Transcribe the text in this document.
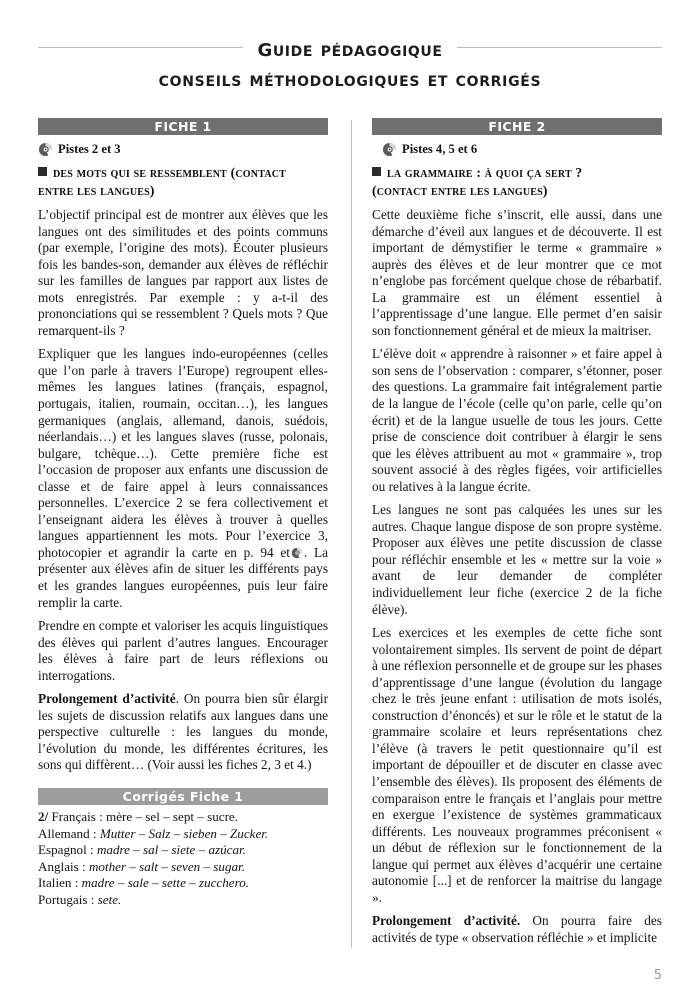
guide pédagogique
conseils méthodologiques et corrigés
FICHE 1
Pistes 2 et 3
des mots qui se ressemblent (contact
entre les langues)

L’objectif principal est de montrer aux élèves que les langues ont des similitudes et des points communs (par exemple, l’origine des mots). Écouter plusieurs fois les bandes-son, demander aux élèves de réfléchir sur les familles de langues par rapport aux listes de mots enregistrés. Par exemple : y a-t-il des prononciations qui se ressemblent ? Quels mots ? Que remarquent-ils ?

Expliquer que les langues indo-européennes (celles que l’on parle à travers l’Europe) regroupent elles-mêmes les langues latines (français, espagnol, portugais, italien, roumain, occitan…), les langues germaniques (anglais, allemand, danois, suédois, néerlandais…) et les langues slaves (russe, polonais, bulgare, tchèque…). Cette première fiche est l’occasion de proposer aux enfants une discussion de classe et de faire appel à leurs connaissances personnelles. L’exercice 2 se fera collectivement et l’enseignant aidera les élèves à trouver à quelles langues appartiennent les mots. Pour l’exercice 3, photocopier et agrandir la carte en p. 94 et . La présenter aux élèves afin de situer les différents pays et les grandes langues européennes, puis leur faire remplir la carte.

Prendre en compte et valoriser les acquis linguistiques des élèves qui parlent d’autres langues. Encourager les élèves à faire part de leurs réflexions ou interrogations.

Prolongement d’activité. On pourra bien sûr élargir les sujets de discussion relatifs aux langues dans une perspective culturelle : les langues du monde, l’évolution du monde, les différentes écritures, les sons qui diffèrent… (Voir aussi les fiches 2, 3 et 4.)

Corrigés Fiche 1
2/ Français : mère – sel – sept – sucre.
Allemand : Mutter – Salz – sieben – Zucker.
Espagnol : madre – sal – siete – azúcar.
Anglais : mother – salt – seven – sugar.
Italien : madre – sale – sette – zucchero.
Portugais : sete.
FICHE 2
Pistes 4, 5 et 6
la grammaire : à quoi ça sert ?
(contact entre les langues)

Cette deuxième fiche s’inscrit, elle aussi, dans une démarche d’éveil aux langues et de découverte. Il est important de démystifier le terme « grammaire » auprès des élèves et de leur montrer que ce mot n’englobe pas forcément quelque chose de rébarbatif. La grammaire est un élément essentiel à l’apprentissage d’une langue. Elle permet d’en saisir son fonctionnement général et de mieux la maitriser.

L’élève doit « apprendre à raisonner » et faire appel à son sens de l’observation : comparer, s’étonner, poser des questions. La grammaire fait intégralement partie de la langue de l’école (celle qu’on parle, celle qu’on écrit) et de la langue usuelle de tous les jours. Cette prise de conscience doit contribuer à élargir le sens que les élèves attribuent au mot « grammaire », trop souvent associé à des règles figées, voir artificielles ou relatives à la langue écrite.

Les langues ne sont pas calquées les unes sur les autres. Chaque langue dispose de son propre système. Proposer aux élèves une petite discussion de classe pour réfléchir ensemble et les « mettre sur la voie » avant de leur demander de compléter individuellement leur fiche (exercice 2 de la fiche élève).

Les exercices et les exemples de cette fiche sont volontairement simples. Ils servent de point de départ à une réflexion personnelle et de groupe sur les phases d’apprentissage d’une langue (évolution du langage chez le très jeune enfant : utilisation de mots isolés, construction d’énoncés) et sur le rôle et le statut de la grammaire scolaire et leurs représentations chez l’élève (à travers le petit questionnaire qu’il est important de dépouiller et de discuter en classe avec l’ensemble des élèves). Ils proposent des éléments de comparaison entre le français et l’anglais pour mettre en exergue l’existence de systèmes grammaticaux différents. Les nouveaux programmes préconisent « un début de réflexion sur le fonctionnement de la langue qui permet aux élèves d’acquérir une certaine autonomie [...] et de renforcer la maitrise du langage ».

Prolongement d’activité. On pourra faire des activités de type « observation réfléchie » et implicite

5
